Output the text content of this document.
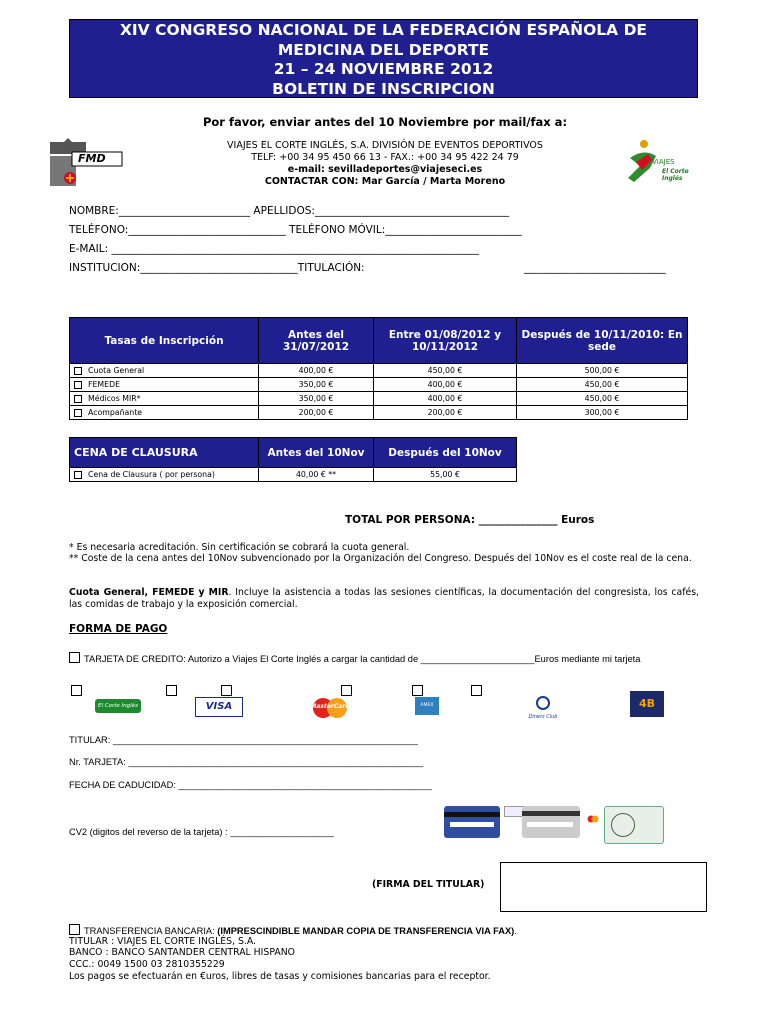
XIV CONGRESO NACIONAL DE LA FEDERACIÓN ESPAÑOLA DE
MEDICINA DEL DEPORTE
21 – 24 NOVIEMBRE 2012
BOLETIN DE INSCRIPCION
Por favor, enviar antes del 10 Noviembre por mail/fax a:
FMD
VIAJES EL CORTE INGLÉS, S.A. DIVISIÓN DE EVENTOS DEPORTIVOS
TELF: +00 34 95 450 66 13 - FAX.: +00 34 95 422 24 79
e-mail: sevilladeportes@viajeseci.es
CONTACTAR CON: Mar García / Marta Moreno
VIAJES
El Corte Inglés
NOMBRE:_________________________ APELLIDOS:_____________________________________
TELÉFONO:______________________________ TELÉFONO MÓVIL:__________________________
E-MAIL: ______________________________________________________________________
INSTITUCION:______________________________TITULACIÓN:	___________________________
Tasas de Inscripción	Antes del 31/07/2012	Entre 01/08/2012 y 10/11/2012	Después de 10/11/2010: En sede
Cuota General	400,00 €	450,00 €	500,00 €
FEMEDE	350,00 €	400,00 €	450,00 €
Médicos MIR*	350,00 €	400,00 €	450,00 €
Acompañante	200,00 €	200,00 €	300,00 €
CENA DE CLAUSURA	Antes del 10Nov	Después del 10Nov
Cena de Clausura ( por persona)	40,00 € **	55,00 €
TOTAL POR PERSONA: _______________ Euros
* Es necesaria acreditación. Sin certificación se cobrará la cuota general.
** Coste de la cena antes del 10Nov subvencionado por la Organización del Congreso. Después del 10Nov es el coste real de la cena.
Cuota General, FEMEDE y MIR. Incluye la asistencia a todas las sesiones científicas, la documentación del congresista, los cafés, las comidas de trabajo y la exposición comercial.
FORMA DE PAGO
TARJETA DE CREDITO: Autorizo a Viajes El Corte Inglés a cargar la cantidad de ______________________Euros mediante mi tarjeta
El Corte Inglés	VISA	MasterCard	AMEX
Diners Club
4B
TITULAR: ___________________________________________________________
Nr. TARJETA: _________________________________________________________
FECHA DE CADUCIDAD: _________________________________________________
CV2 (digitos del reverso de la tarjeta) : ____________________
(FIRMA DEL TITULAR)
TRANSFERENCIA BANCARIA: (IMPRESCINDIBLE MANDAR COPIA DE TRANSFERENCIA VIA FAX).
TITULAR : VIAJES EL CORTE INGLÉS, S.A.
BANCO : BANCO SANTANDER CENTRAL HISPANO
CCC.: 0049 1500 03 2810355229
Los pagos se efectuarán en €uros, libres de tasas y comisiones bancarias para el receptor.
